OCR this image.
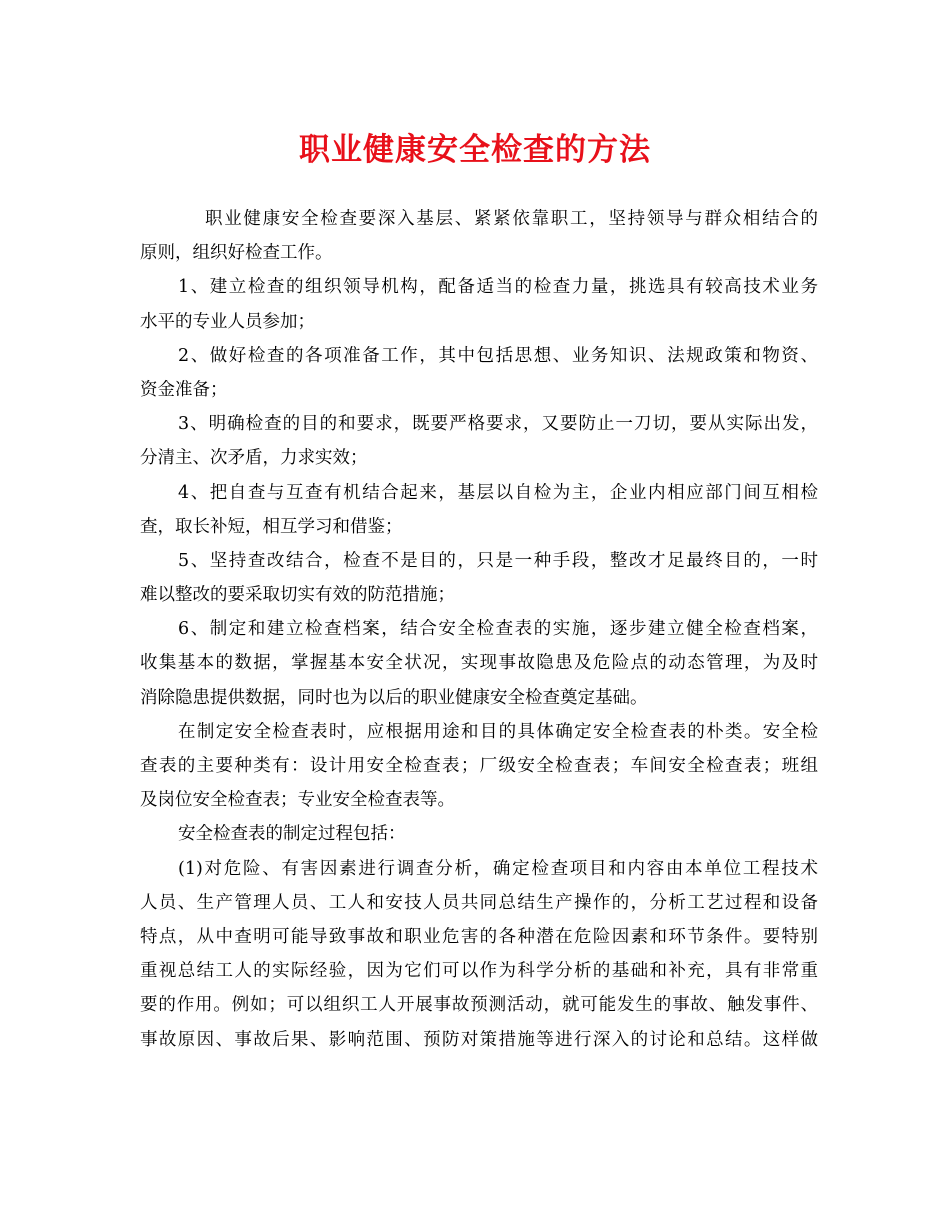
职业健康安全检查的方法
职业健康安全检查要深入基层、紧紧依靠职工，坚持领导与群众相结合的
原则，组织好检查工作。
1、建立检查的组织领导机构，配备适当的检查力量，挑选具有较高技术业务
水平的专业人员参加；
2、做好检查的各项准备工作，其中包括思想、业务知识、法规政策和物资、
资金准备；
3、明确检查的目的和要求，既要严格要求，又要防止一刀切，要从实际出发，
分清主、次矛盾，力求实效；
4、把自查与互查有机结合起来，基层以自检为主，企业内相应部门间互相检
查，取长补短，相互学习和借鉴；
5、坚持查改结合，检查不是目的，只是一种手段，整改才足最终目的，一时
难以整改的要采取切实有效的防范措施；
6、制定和建立检查档案，结合安全检查表的实施，逐步建立健全检查档案，
收集基本的数据，掌握基本安全状况，实现事故隐患及危险点的动态管理，为及时
消除隐患提供数据，同时也为以后的职业健康安全检查奠定基础。
在制定安全检查表时，应根据用途和目的具体确定安全检查表的朴类。安全检
查表的主要种类有：设计用安全检查表；厂级安全检查表；车间安全检查表；班组
及岗位安全检查表；专业安全检查表等。
安全检查表的制定过程包括：
(1)对危险、有害因素进行调查分析，确定检查项目和内容由本单位工程技术
人员、生产管理人员、工人和安技人员共同总结生产操作的，分析工艺过程和设备
特点，从中查明可能导致事故和职业危害的各种潜在危险因素和环节条件。要特别
重视总结工人的实际经验，因为它们可以作为科学分析的基础和补充，具有非常重
要的作用。例如；可以组织工人开展事故预测活动，就可能发生的事故、触发事件、
事故原因、事故后果、影响范围、预防对策措施等进行深入的讨论和总结。这样做
